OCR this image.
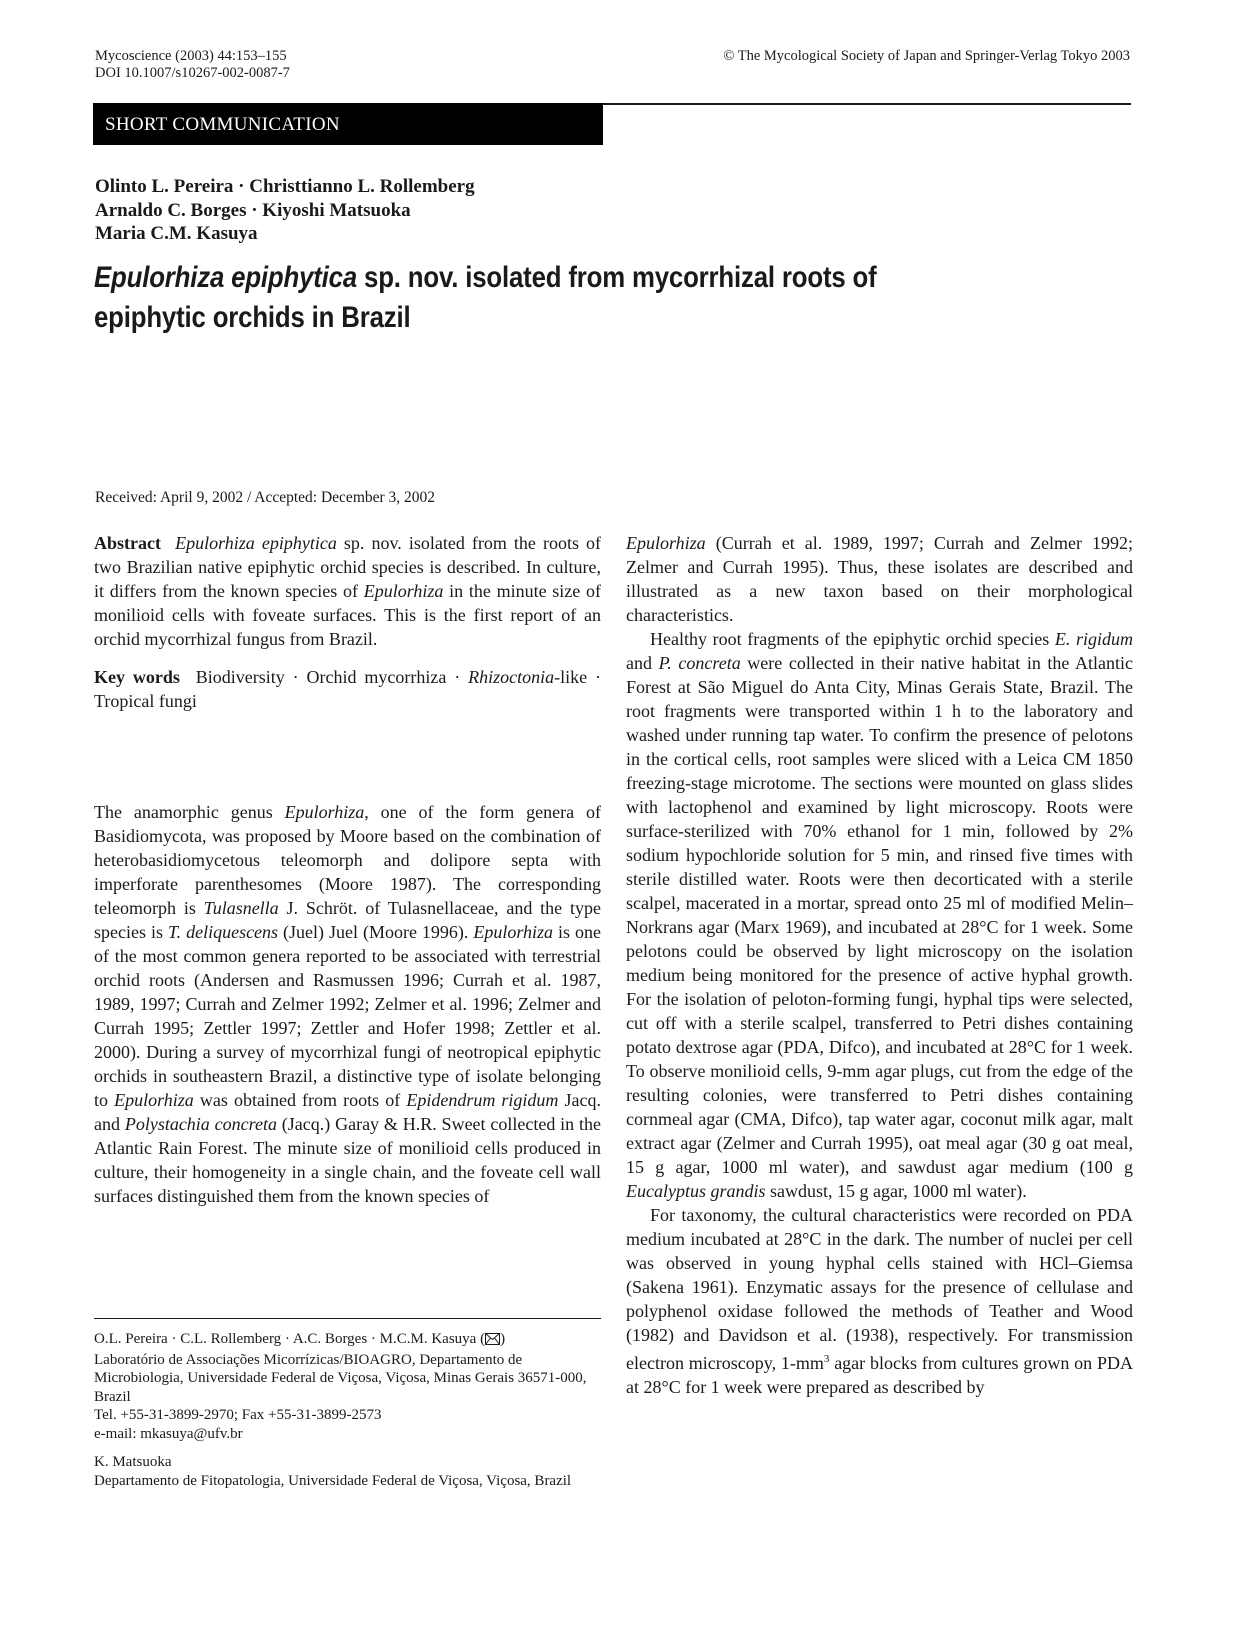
Mycoscience (2003) 44:153–155
DOI 10.1007/s10267-002-0087-7
© The Mycological Society of Japan and Springer-Verlag Tokyo 2003
SHORT COMMUNICATION
Olinto L. Pereira · Christtianno L. Rollemberg
Arnaldo C. Borges · Kiyoshi Matsuoka
Maria C.M. Kasuya
Epulorhiza epiphytica sp. nov. isolated from mycorrhizal roots of epiphytic orchids in Brazil
Received: April 9, 2002 / Accepted: December 3, 2002

Abstract Epulorhiza epiphytica sp. nov. isolated from the roots of two Brazilian native epiphytic orchid species is described. In culture, it differs from the known species of Epulorhiza in the minute size of monilioid cells with foveate surfaces. This is the first report of an orchid mycorrhizal fungus from Brazil.

Key words Biodiversity · Orchid mycorrhiza · Rhizoctonia-like · Tropical fungi

The anamorphic genus Epulorhiza, one of the form genera of Basidiomycota, was proposed by Moore based on the combination of heterobasidiomycetous teleomorph and dolipore septa with imperforate parenthesomes (Moore 1987). The corresponding teleomorph is Tulasnella J. Schröt. of Tulasnellaceae, and the type species is T. deliquescens (Juel) Juel (Moore 1996). Epulorhiza is one of the most common genera reported to be associated with terrestrial orchid roots (Andersen and Rasmussen 1996; Currah et al. 1987, 1989, 1997; Currah and Zelmer 1992; Zelmer et al. 1996; Zelmer and Currah 1995; Zettler 1997; Zettler and Hofer 1998; Zettler et al. 2000). During a survey of mycorrhizal fungi of neotropical epiphytic orchids in southeastern Brazil, a distinctive type of isolate belonging to Epulorhiza was obtained from roots of Epidendrum rigidum Jacq. and Polystachia concreta (Jacq.) Garay & H.R. Sweet collected in the Atlantic Rain Forest. The minute size of monilioid cells produced in culture, their homogeneity in a single chain, and the foveate cell wall surfaces distinguished them from the known species of

Epulorhiza (Currah et al. 1989, 1997; Currah and Zelmer 1992; Zelmer and Currah 1995). Thus, these isolates are described and illustrated as a new taxon based on their morphological characteristics.

Healthy root fragments of the epiphytic orchid species E. rigidum and P. concreta were collected in their native habitat in the Atlantic Forest at São Miguel do Anta City, Minas Gerais State, Brazil. The root fragments were transported within 1 h to the laboratory and washed under running tap water. To confirm the presence of pelotons in the cortical cells, root samples were sliced with a Leica CM 1850 freezing-stage microtome. The sections were mounted on glass slides with lactophenol and examined by light microscopy. Roots were surface-sterilized with 70% ethanol for 1 min, followed by 2% sodium hypochloride solution for 5 min, and rinsed five times with sterile distilled water. Roots were then decorticated with a sterile scalpel, macerated in a mortar, spread onto 25 ml of modified Melin–Norkrans agar (Marx 1969), and incubated at 28°C for 1 week. Some pelotons could be observed by light microscopy on the isolation medium being monitored for the presence of active hyphal growth. For the isolation of peloton-forming fungi, hyphal tips were selected, cut off with a sterile scalpel, transferred to Petri dishes containing potato dextrose agar (PDA, Difco), and incubated at 28°C for 1 week. To observe monilioid cells, 9-mm agar plugs, cut from the edge of the resulting colonies, were transferred to Petri dishes containing cornmeal agar (CMA, Difco), tap water agar, coconut milk agar, malt extract agar (Zelmer and Currah 1995), oat meal agar (30 g oat meal, 15 g agar, 1000 ml water), and sawdust agar medium (100 g Eucalyptus grandis sawdust, 15 g agar, 1000 ml water).

For taxonomy, the cultural characteristics were recorded on PDA medium incubated at 28°C in the dark. The number of nuclei per cell was observed in young hyphal cells stained with HCl–Giemsa (Sakena 1961). Enzymatic assays for the presence of cellulase and polyphenol oxidase followed the methods of Teather and Wood (1982) and Davidson et al. (1938), respectively. For transmission electron microscopy, $1-mm^3$ agar blocks from cultures grown on PDA at 28°C for 1 week were prepared as described by

O.L. Pereira · C.L. Rollemberg · A.C. Borges · M.C.M. Kasuya ( )
Laboratório de Associações Micorrízicas/BIOAGRO, Departamento de Microbiologia, Universidade Federal de Viçosa, Viçosa, Minas Gerais 36571-000, Brazil
Tel. +55-31-3899-2970; Fax +55-31-3899-2573
e-mail: mkasuya@ufv.br

K. Matsuoka
Departamento de Fitopatologia, Universidade Federal de Viçosa, Viçosa, Brazil
